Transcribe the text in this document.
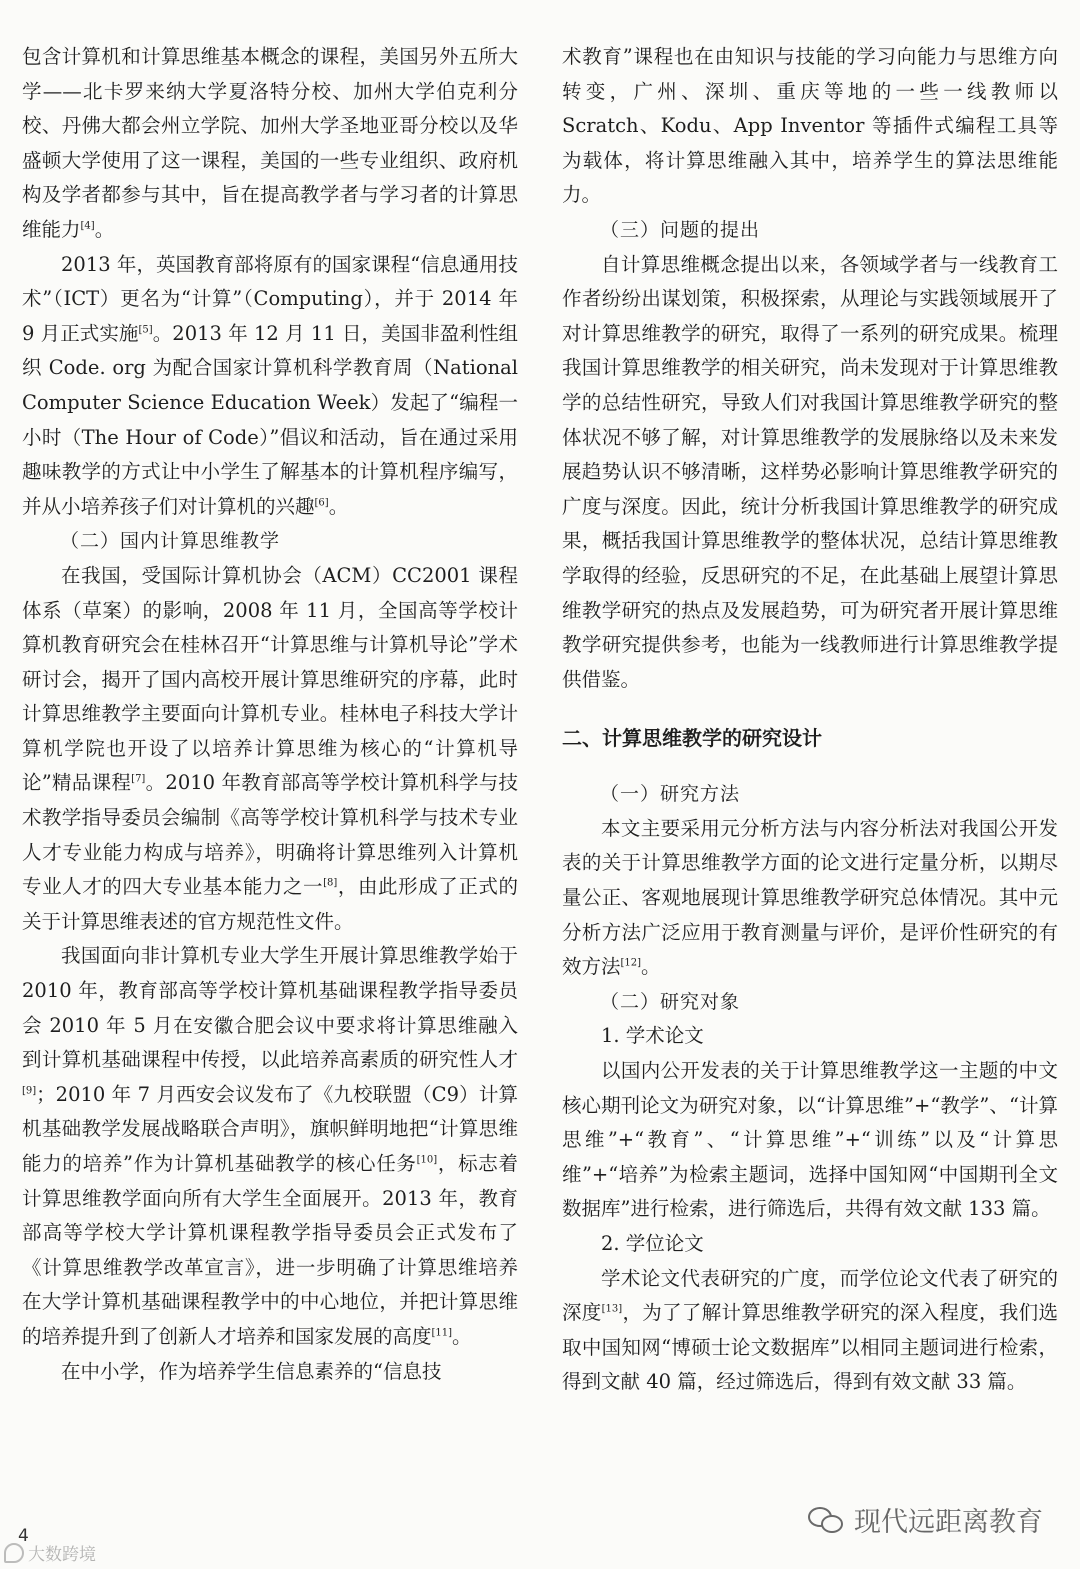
包含计算机和计算思维基本概念的课程，美国另外五所大学——北卡罗来纳大学夏洛特分校、加州大学伯克利分校、丹佛大都会州立学院、加州大学圣地亚哥分校以及华盛顿大学使用了这一课程，美国的一些专业组织、政府机构及学者都参与其中，旨在提高教学者与学习者的计算思维能力[4]。

2013 年，英国教育部将原有的国家课程“信息通用技术”（ICT）更名为“计算”（Computing），并于 2014 年 9 月正式实施[5]。2013 年 12 月 11 日，美国非盈利性组织 Code. org 为配合国家计算机科学教育周（National Computer Science Education Week）发起了“编程一小时（The Hour of Code）”倡议和活动，旨在通过采用趣味教学的方式让中小学生了解基本的计算机程序编写，并从小培养孩子们对计算机的兴趣[6]。

（二）国内计算思维教学

在我国，受国际计算机协会（ACM）CC2001 课程体系（草案）的影响，2008 年 11 月，全国高等学校计算机教育研究会在桂林召开“计算思维与计算机导论”学术研讨会，揭开了国内高校开展计算思维研究的序幕，此时计算思维教学主要面向计算机专业。桂林电子科技大学计算机学院也开设了以培养计算思维为核心的“计算机导论”精品课程[7]。2010 年教育部高等学校计算机科学与技术教学指导委员会编制《高等学校计算机科学与技术专业人才专业能力构成与培养》，明确将计算思维列入计算机专业人才的四大专业基本能力之一[8]，由此形成了正式的关于计算思维表述的官方规范性文件。

我国面向非计算机专业大学生开展计算思维教学始于 2010 年，教育部高等学校计算机基础课程教学指导委员会 2010 年 5 月在安徽合肥会议中要求将计算思维融入到计算机基础课程中传授，以此培养高素质的研究性人才[9]；2010 年 7 月西安会议发布了《九校联盟（C9）计算机基础教学发展战略联合声明》，旗帜鲜明地把“计算思维能力的培养”作为计算机基础教学的核心任务[10]，标志着计算思维教学面向所有大学生全面展开。2013 年，教育部高等学校大学计算机课程教学指导委员会正式发布了《计算思维教学改革宣言》，进一步明确了计算思维培养在大学计算机基础课程教学中的中心地位，并把计算思维的培养提升到了创新人才培养和国家发展的高度[11]。

在中小学，作为培养学生信息素养的“信息技

术教育”课程也在由知识与技能的学习向能力与思维方向转变，广州、深圳、重庆等地的一些一线教师以 Scratch、Kodu、App Inventor 等插件式编程工具等为载体，将计算思维融入其中，培养学生的算法思维能力。

（三）问题的提出

自计算思维概念提出以来，各领域学者与一线教育工作者纷纷出谋划策，积极探索，从理论与实践领域展开了对计算思维教学的研究，取得了一系列的研究成果。梳理我国计算思维教学的相关研究，尚未发现对于计算思维教学的总结性研究，导致人们对我国计算思维教学研究的整体状况不够了解，对计算思维教学的发展脉络以及未来发展趋势认识不够清晰，这样势必影响计算思维教学研究的广度与深度。因此，统计分析我国计算思维教学的研究成果，概括我国计算思维教学的整体状况，总结计算思维教学取得的经验，反思研究的不足，在此基础上展望计算思维教学研究的热点及发展趋势，可为研究者开展计算思维教学研究提供参考，也能为一线教师进行计算思维教学提供借鉴。

二、计算思维教学的研究设计
（一）研究方法

本文主要采用元分析方法与内容分析法对我国公开发表的关于计算思维教学方面的论文进行定量分析，以期尽量公正、客观地展现计算思维教学研究总体情况。其中元分析方法广泛应用于教育测量与评价，是评价性研究的有效方法[12]。

（二）研究对象

1. 学术论文

以国内公开发表的关于计算思维教学这一主题的中文核心期刊论文为研究对象，以“计算思维”+“教学”、“计算思维”+“教育”、“计算思维”+“训练”以及“计算思维”+“培养”为检索主题词，选择中国知网“中国期刊全文数据库”进行检索，进行筛选后，共得有效文献 133 篇。

2. 学位论文

学术论文代表研究的广度，而学位论文代表了研究的深度[13]，为了了解计算思维教学研究的深入程度，我们选取中国知网“博硕士论文数据库”以相同主题词进行检索，得到文献 40 篇，经过筛选后，得到有效文献 33 篇。

4
大数跨境
现代远距离教育
